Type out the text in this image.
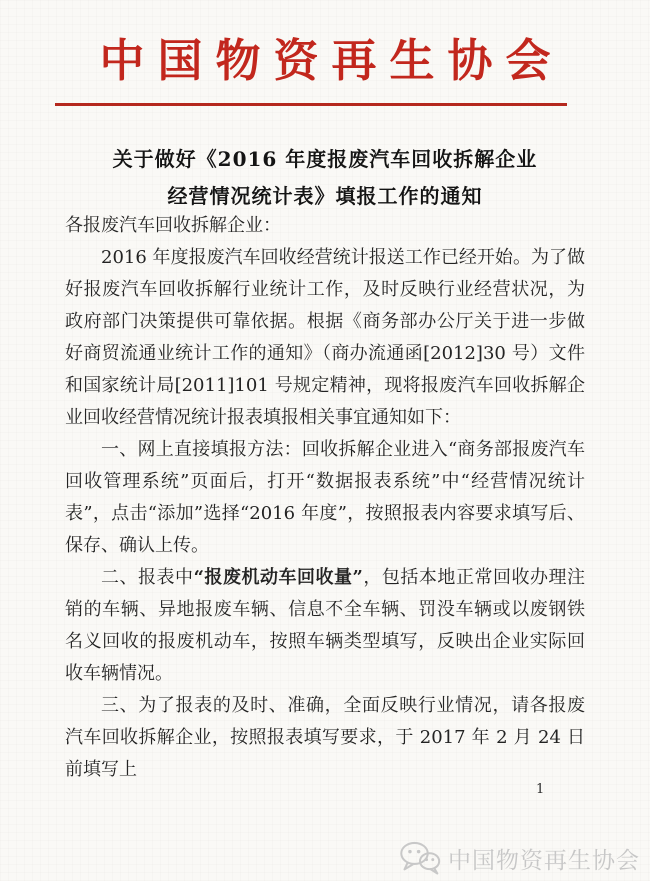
中国物资再生协会
关于做好《2016 年度报废汽车回收拆解企业
经营情况统计表》填报工作的通知

各报废汽车回收拆解企业：

2016 年度报废汽车回收经营统计报送工作已经开始。为了做好报废汽车回收拆解行业统计工作，及时反映行业经营状况，为政府部门决策提供可靠依据。根据《商务部办公厅关于进一步做好商贸流通业统计工作的通知》（商办流通函[2012]30 号）文件和国家统计局[2011]101 号规定精神，现将报废汽车回收拆解企业回收经营情况统计报表填报相关事宜通知如下：

一、网上直接填报方法：回收拆解企业进入“商务部报废汽车回收管理系统”页面后，打开“数据报表系统”中“经营情况统计表”，点击“添加”选择“2016 年度”，按照报表内容要求填写后、保存、确认上传。

二、报表中“报废机动车回收量”，包括本地正常回收办理注销的车辆、异地报废车辆、信息不全车辆、罚没车辆或以废钢铁名义回收的报废机动车，按照车辆类型填写，反映出企业实际回收车辆情况。

三、为了报表的及时、准确，全面反映行业情况，请各报废汽车回收拆解企业，按照报表填写要求，于 2017 年 2 月 24 日前填写上

1
中国物资再生协会
